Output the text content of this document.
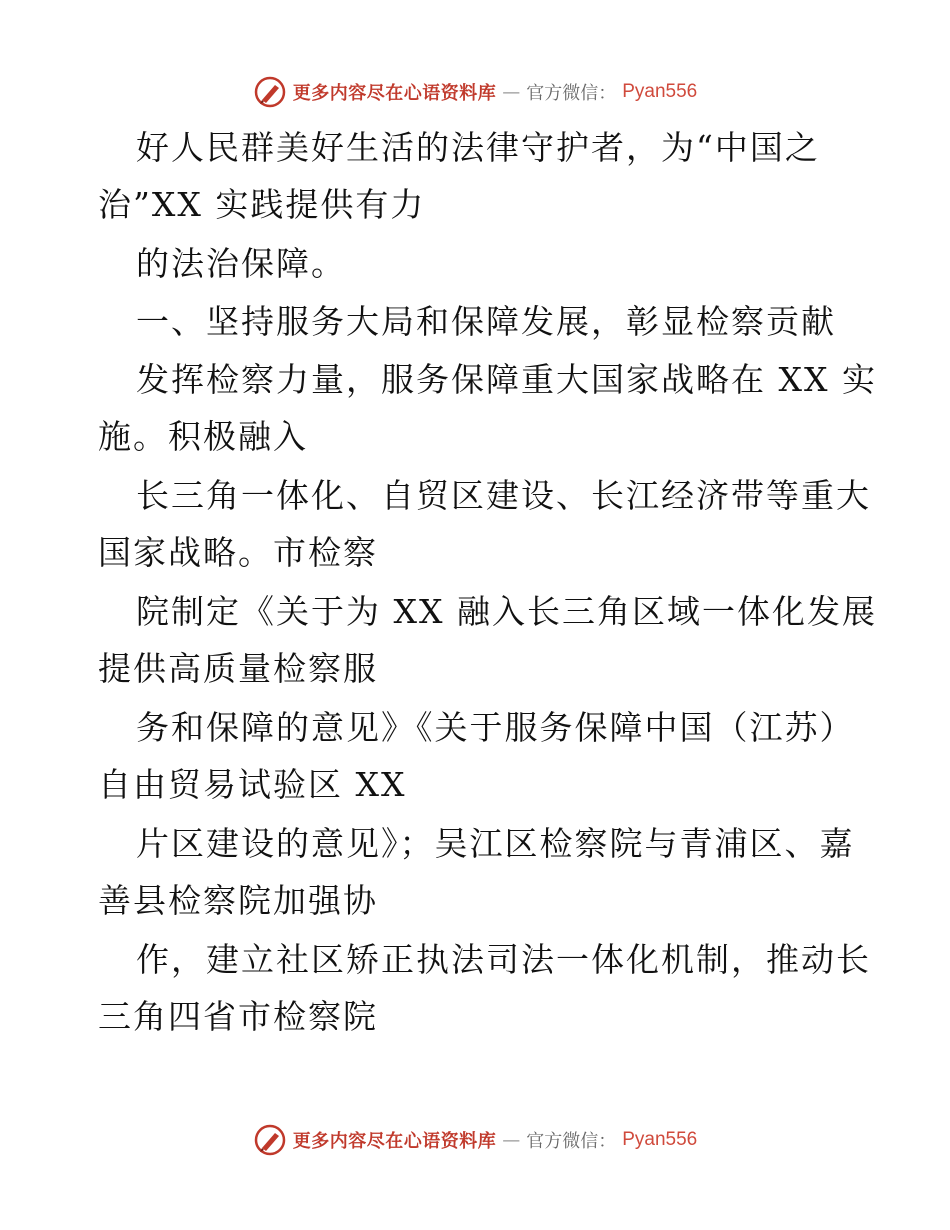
更多内容尽在心语资料库 — 官方微信： Pyan556
好人民群美好生活的法律守护者，为“中国之
治”XX 实践提供有力
的法治保障。
一、坚持服务大局和保障发展，彰显检察贡献
发挥检察力量，服务保障重大国家战略在 XX 实
施。积极融入
长三角一体化、自贸区建设、长江经济带等重大
国家战略。市检察
院制定《关于为 XX 融入长三角区域一体化发展
提供高质量检察服
务和保障的意见》《关于服务保障中国（江苏）
自由贸易试验区 XX
片区建设的意见》；吴江区检察院与青浦区、嘉
善县检察院加强协
作，建立社区矫正执法司法一体化机制，推动长
三角四省市检察院
更多内容尽在心语资料库 — 官方微信： Pyan556
